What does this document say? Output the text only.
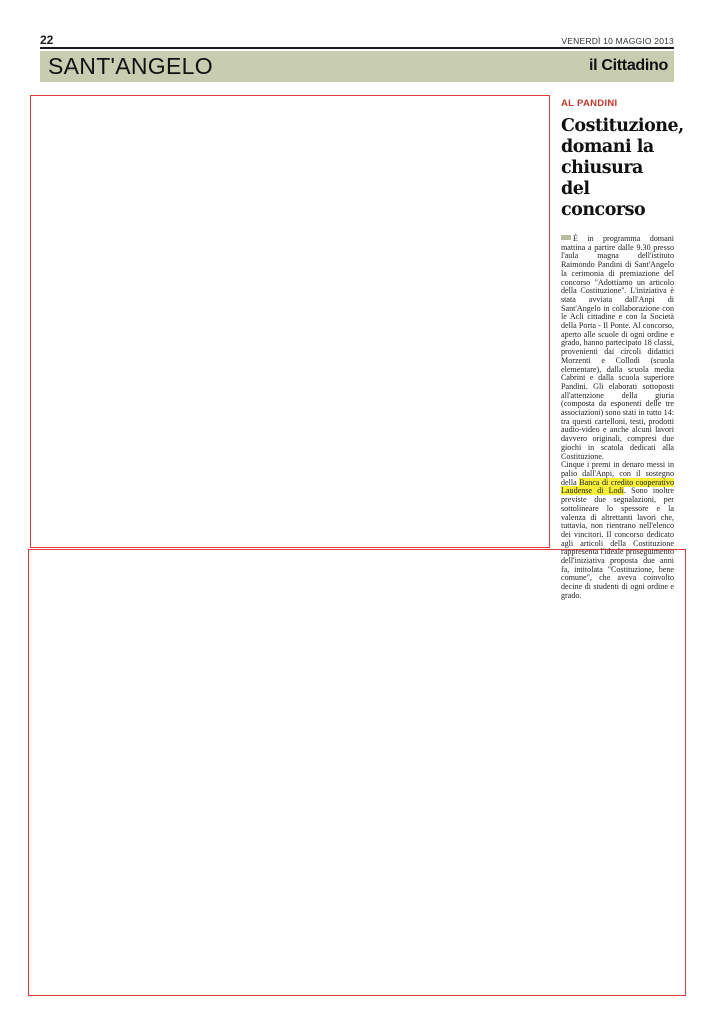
22	VENERDÌ 10 MAGGIO 2013
SANT'ANGELO	il Cittadino
AL PANDINI
Costituzione, domani la chiusura del concorso

È in programma domani mattina a partire dalle 9.30 presso l'aula magna dell'istituto Raimondo Pandini di Sant'Angelo la cerimonia di premiazione del concorso "Adottiamo un articolo della Costituzione". L'iniziativa è stata avviata dall'Anpi di Sant'Angelo in collaborazione con le Acli cittadine e con la Società della Porta - Il Ponte. Al concorso, aperto alle scuole di ogni ordine e grado, hanno partecipato 18 classi, provenienti dai circoli didattici Morzenti e Collodi (scuola elementare), dalla scuola media Cabrini e dalla scuola superiore Pandini. Gli elaborati sottoposti all'attenzione della giuria (composta da esponenti delle tre associazioni) sono stati in tutto 14: tra questi cartelloni, testi, prodotti audio-video e anche alcuni lavori davvero originali, compresi due giochi in scatola dedicati alla Costituzione.

Cinque i premi in denaro messi in palio dall'Anpi, con il sostegno della Banca di credito cooperativo Laudense di Lodi. Sono inoltre previste due segnalazioni, per sottolineare lo spessore e la valenza di altrettanti lavori che, tuttavia, non rientrano nell'elenco dei vincitori. Il concorso dedicato agli articoli della Costituzione rappresenta l'ideale proseguimento dell'iniziativa proposta due anni fa, intitolata "Costituzione, bene comune", che aveva coinvolto decine di studenti di ogni ordine e grado.
